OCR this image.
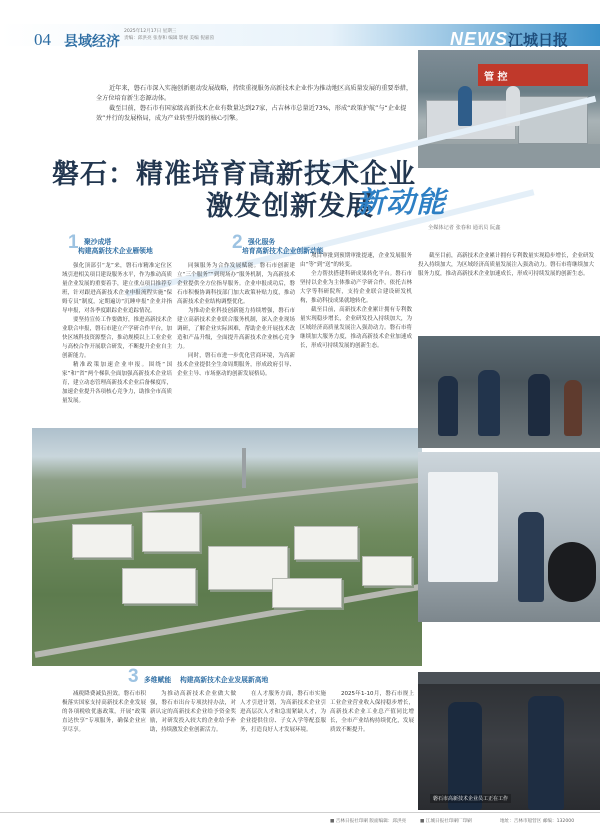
04 县域经济
2025年12月17日 星期三
责编：邱洪亮 张春和 编辑 影视 美编 倪嘉茵	NEWS 江城日报
管 控

近年来，磐石市深入实施创新驱动发展战略，持续重视服务高新技术企业作为推动地区高质量发展的重要举措，全方位培育新生态源动体。

截至目前，磐石市有国家级高新技术企业有数量达到27家，占吉林市总量近73%，形成“政策护航”与“企业提效”并行的发展格局，成为产业转型升级的核心引擎。

磐石：精准培育高新技术企业
激发创新发展
新动能
全媒体记者 张春和 通讯员 阮鑫
1 聚沙成塔
构建高新技术企业雁领地	2 强化服务
培育高新技术企业创新动能

强化顶部引“龙”来，磐石市精准定位区域引进相关项目建设服务水平，作为推动高质量企业发展的重要着手，建立重点项目推荐专班，针对跟进高新技术企业申报流程实施“保姆专员”制度，定期遍访“沉睡申报”企业并指导申报，对各季度跟踪企业追踪情况。

要坚持宣传工作要做好，推进高新技术企业联合申报，磐石市建立产学研合作平台，加快区域科技资源整合，推动规模以上工业企业与高校合作开展联合研发，不断提升企业自主创新能力。

精准政策加速企业申报。围绕“国家”和“省”两个梯队全面加强高新技术企业培育，建立动态管理高新技术企业后备梯度库，加速企业提升各项核心竞争力，助推全市高质量发展。

同频服务为合作发展赋能。磐石市创新建立“三个服务”“到现场办”服务机制，为高新技术企业提供全方位指导服务。企业申报成功后，磐石市积极协调科技部门加大政策补贴力度，推动高新技术企业结构调整优化。

为推动企业科技创新能力持续增强，磐石市建立高新技术企业联合服务机制，深入企业现场调研，了解企业实际困难，帮助企业开展技术改造和产品升级，全面提升高新技术企业核心竞争力。

同时，磐石市进一步优化营商环境，为高新技术企业提供全生命周期服务，形成政府引导、企业主导、市场驱动的创新发展格局。

项目审批到预期审批提速，企业发展服务由“等”到“送”的转变。

全力帮扶搭建科研成果转化平台。磐石市坚持以企业为主体推动产学研合作，依托吉林大学等科研院所，支持企业联合建设研发机构，推动科技成果就地转化。

截至目前，高新技术企业累计拥有专利数量实现稳步增长，企业研发投入持续加大，为区域经济高质量发展注入强劲动力。磐石市将继续加大服务力度，推动高新技术企业加速成长，形成可持续发展的创新生态。

截至目前，高新技术企业累计拥有专利数量实现稳步增长，企业研发投入持续加大，为区域经济高质量发展注入强劲动力。磐石市将继续加大服务力度，推动高新技术企业加速成长，形成可持续发展的创新生态。

3 多维赋能 构建高新技术企业发展新高地

减税降费减负担效。磐石市积极落实国家支持高新技术企业发展的各项税收优惠政策，开展“政策直达快享”专项服务，确保企业应享尽享。

为推动高新技术企业做大做强，磐石市出台专项扶持办法，对新认定的高新技术企业给予资金奖励，对研发投入较大的企业给予补助，持续激发企业创新活力。

在人才服务方面，磐石市实施人才引进计划，为高新技术企业引进高层次人才和急需紧缺人才，为企业提供住房、子女入学等配套服务，打造良好人才发展环境。

2025年1-10月，磐石市规上工业企业营业收入保持稳步增长，高新技术企业工业总产值同比增长，全市产业结构持续优化，发展质效不断提升。

磐石市高新技术企业员工正在工作
■ 吉林日报社印刷 版面编辑：邱洪亮	■ 江城日报社印刷厂印刷	地址：吉林市船营区 邮编：132000
